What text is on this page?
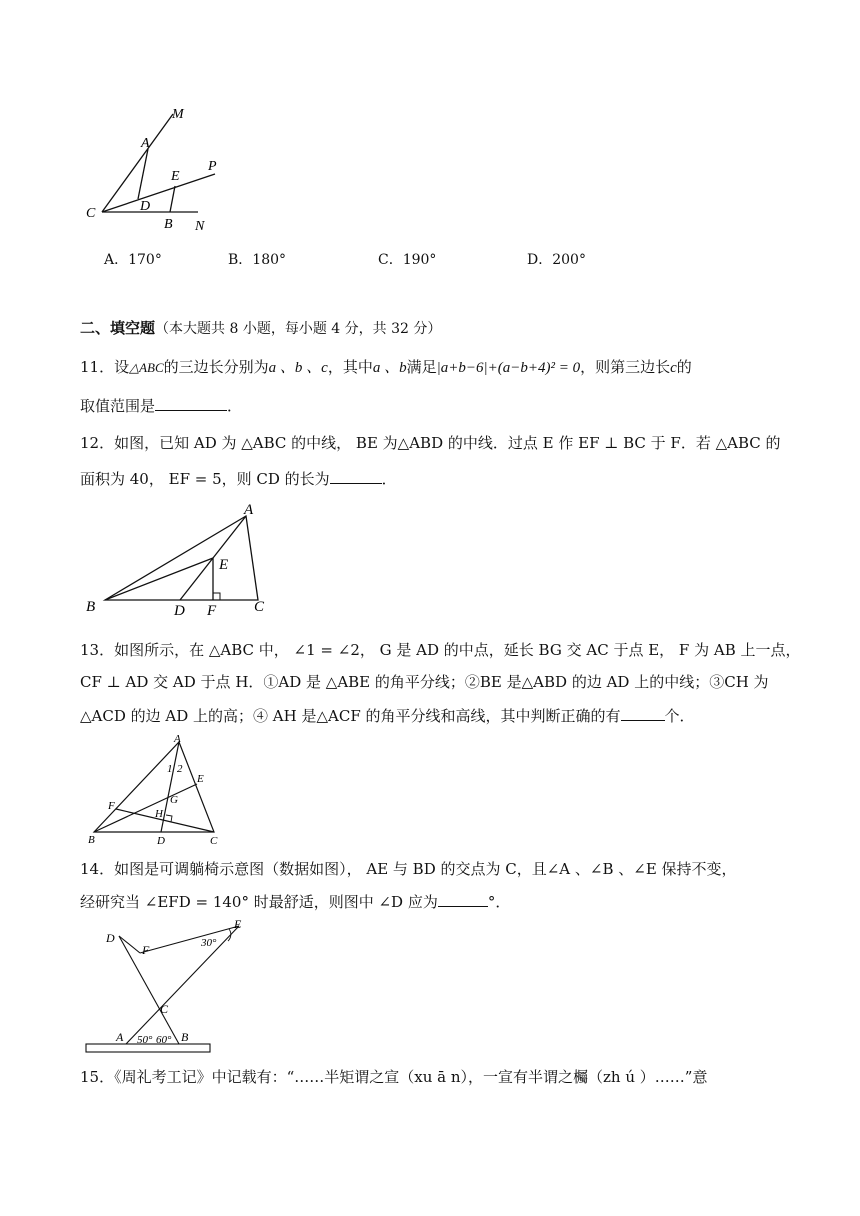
M
A
E
P
C	D
B N
A．170°	B．180°	C．190°	D．200°
二、填空题（本大题共 8 小题，每小题 4 分，共 32 分）
11．设△ABC的三边长分别为a 、b 、c，其中a 、b满足|a+b−6|+(a−b+4)² = 0，则第三边长c的
取值范围是	．
12．如图，已知 AD 为 △ABC 的中线， BE 为△ABD 的中线．过点 E 作 EF ⊥ BC 于 F．若 △ABC 的
面积为 40， EF = 5，则 CD 的长为	．
A
E
B	D F	C
13．如图所示，在 △ABC 中， ∠1 = ∠2， G 是 AD 的中点，延长 BG 交 AC 于点 E， F 为 AB 上一点，
CF ⊥ AD 交 AD 于点 H．①AD 是 △ABE 的角平分线；②BE 是△ABD 的边 AD 上的中线；③CH 为
△ACD 的边 AD 上的高；④ AH 是△ACF 的角平分线和高线，其中判断正确的有	个．
A
1 2
E
F	G
H
B	D	C
14．如图是可调躺椅示意图（数据如图）， AE 与 BD 的交点为 C，且∠A 、∠B 、∠E 保持不变，
经研究当 ∠EFD = 140° 时最舒适，则图中 ∠D 应为	°．
D
F
E
30°
C
A	B
50° 60°
15．《周礼考工记》中记载有：“……半矩谓之宣（xu ā n），一宣有半谓之欘（zh ú ）……”意
